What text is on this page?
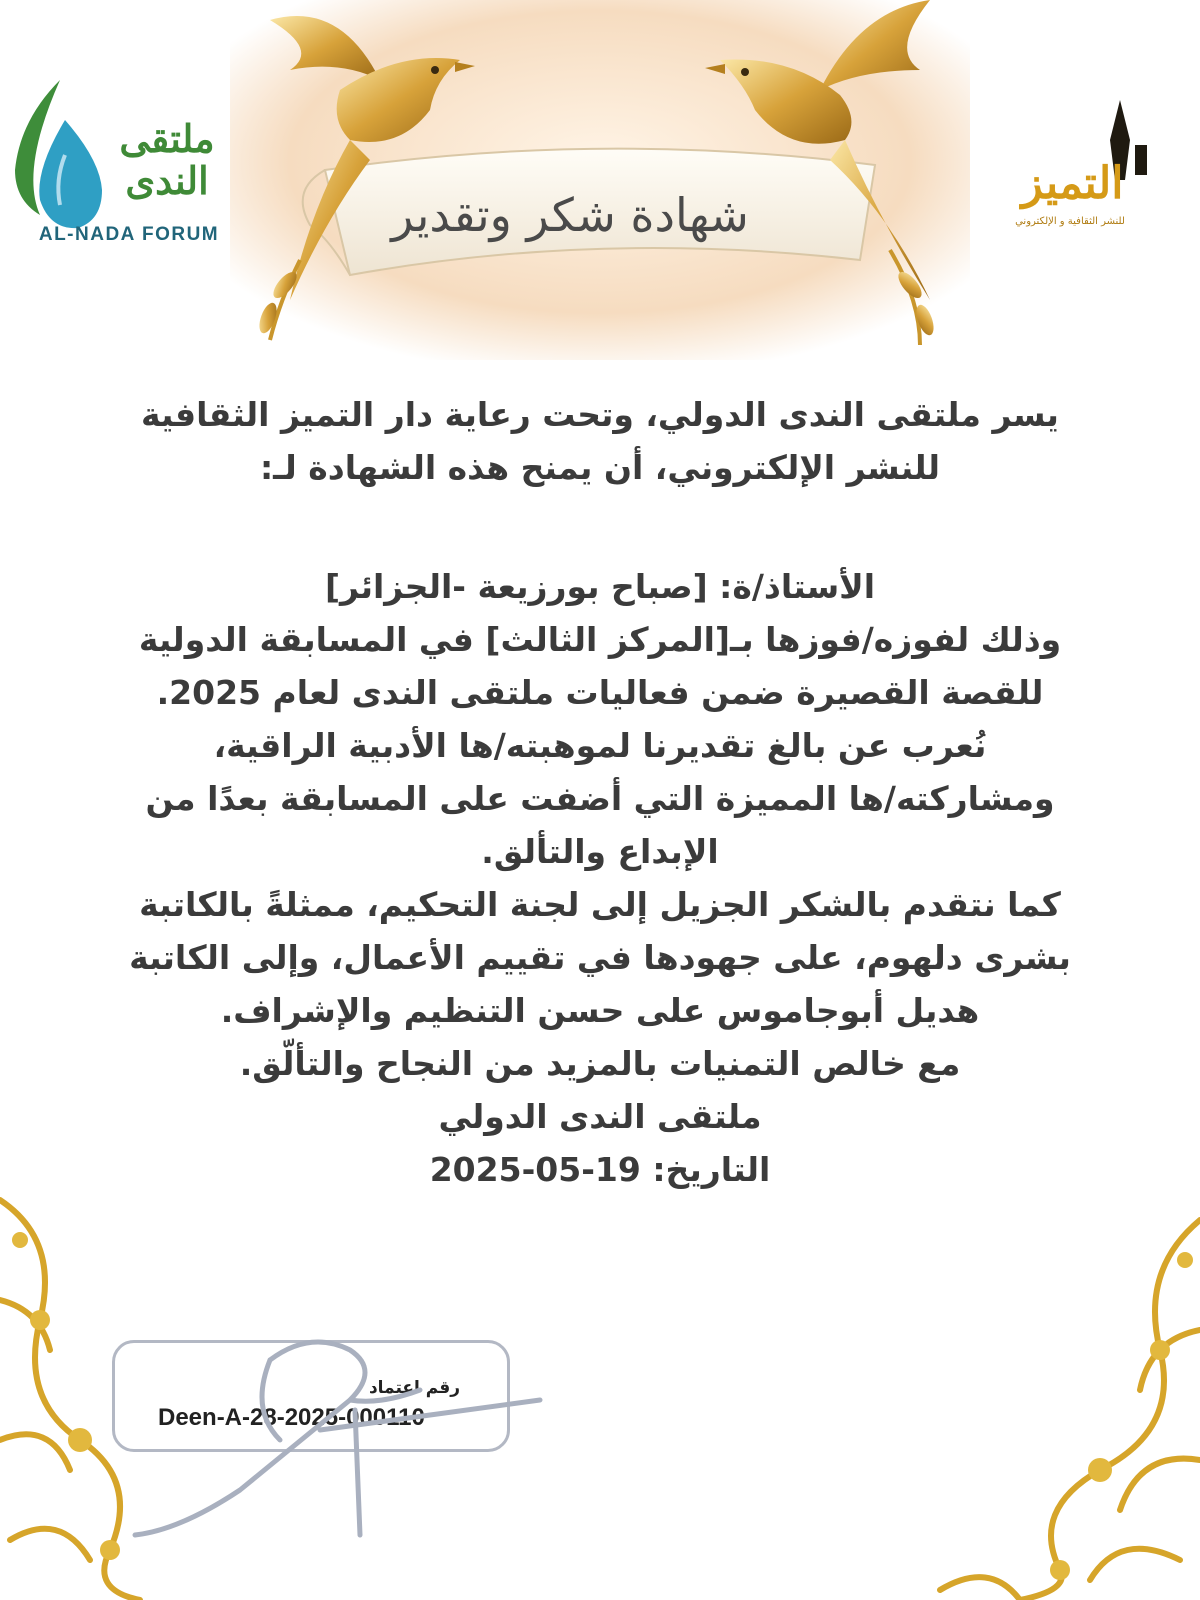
شهادة شكر وتقدير
ملتقى
الندى
AL-NADA FORUM
التميز
للنشر الثقافية و الإلكتروني
يسر ملتقى الندى الدولي، وتحت رعاية دار التميز الثقافية
للنشر الإلكتروني، أن يمنح هذه الشهادة لـ:
الأستاذ/ة: [صباح بورزيعة -الجزائر]
وذلك لفوزه/فوزها بـ[المركز الثالث] في المسابقة الدولية
للقصة القصيرة ضمن فعاليات ملتقى الندى لعام 2025.
نُعرب عن بالغ تقديرنا لموهبته/ها الأدبية الراقية،
ومشاركته/ها المميزة التي أضفت على المسابقة بعدًا من
الإبداع والتألق.
كما نتقدم بالشكر الجزيل إلى لجنة التحكيم، ممثلةً بالكاتبة
بشرى دلهوم، على جهودها في تقييم الأعمال، وإلى الكاتبة
هديل أبوجاموس على حسن التنظيم والإشراف.
مع خالص التمنيات بالمزيد من النجاح والتألّق.
ملتقى الندى الدولي
التاريخ: 19-05-2025
رقم اعتماد
Deen-A-28-2025-000110
